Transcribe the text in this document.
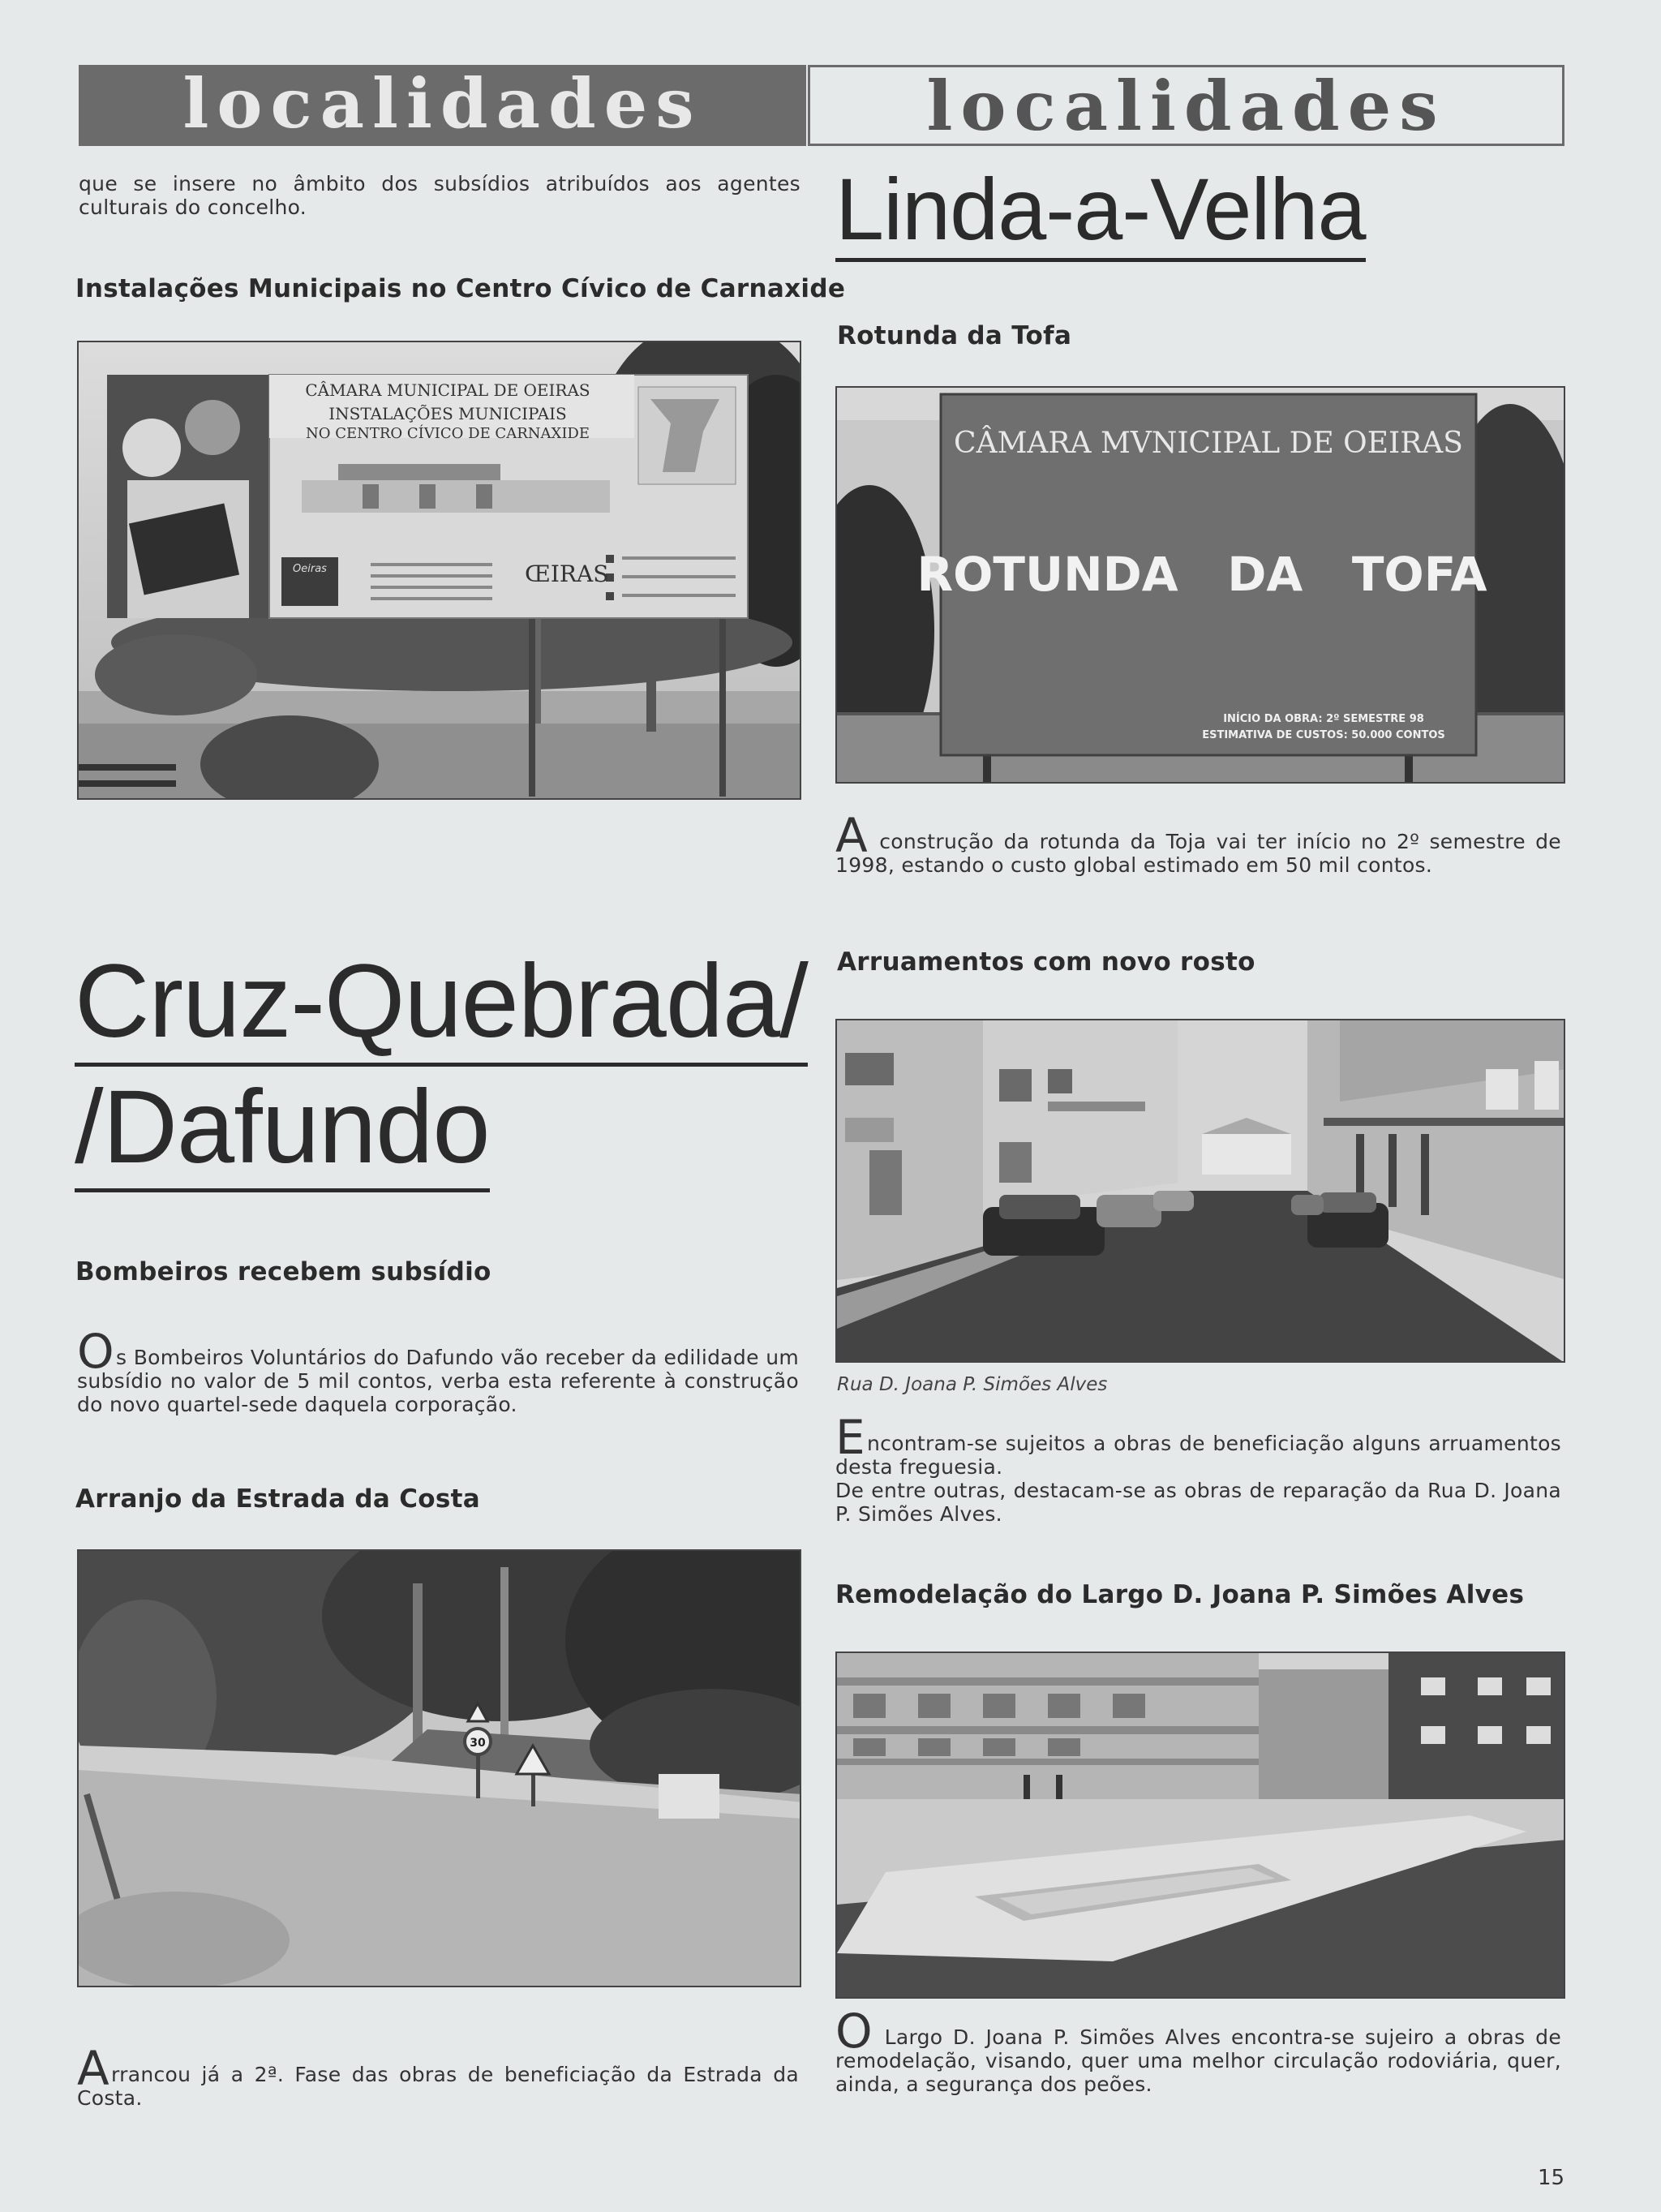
localidades	localidades
que se insere no âmbito dos subsídios atribuídos aos agentes culturais do concelho.
Instalações Municipais no Centro Cívico de Carnaxide
ŒIRAS
CÂMARA MUNICIPAL DE OEIRAS
INSTALAÇÕES MUNICIPAIS
NO CENTRO CÍVICO DE CARNAXIDE
Oeiras
Cruz-Quebrada/
/Dafundo
Bombeiros recebem subsídio
Os Bombeiros Voluntários do Dafundo vão receber da edilidade um subsídio no valor de 5 mil contos, verba esta referente à construção do novo quartel-sede daquela corporação.
Arranjo da Estrada da Costa
30
Arrancou já a 2ª. Fase das obras de beneficiação da Estrada da Costa.
Linda-a-Velha
Rotunda da Tofa
CÂMARA MVNICIPAL DE OEIRAS
ROTUNDA   DA   TOFA
INÍCIO DA OBRA: 2º SEMESTRE 98
ESTIMATIVA DE CUSTOS: 50.000 CONTOS
A construção da rotunda da Toja vai ter início no 2º semestre de 1998, estando o custo global estimado em 50 mil contos.
Arruamentos com novo rosto
Rua D. Joana P. Simões Alves
Encontram-se sujeitos a obras de beneficiação alguns arruamentos desta freguesia.
De entre outras, destacam-se as obras de reparação da Rua D. Joana P. Simões Alves.
Remodelação do Largo D. Joana P. Simões Alves
O Largo D. Joana P. Simões Alves encontra-se sujeiro a obras de remodelação, visando, quer uma melhor circulação rodoviária, quer, ainda, a segurança dos peões.
15
